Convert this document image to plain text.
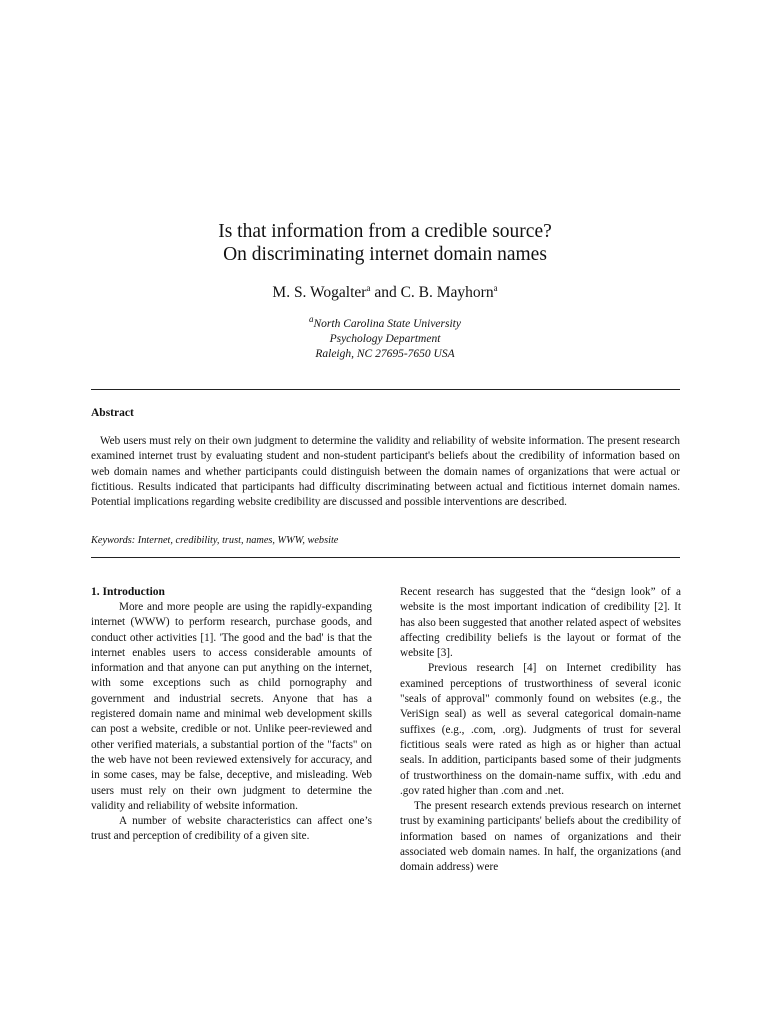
Is that information from a credible source?
On discriminating internet domain names
M. S. Wogalter$^a$ and C. B. Mayhorn$^a$
$^a$North Carolina State University
Psychology Department
Raleigh, NC 27695-7650 USA
Abstract

Web users must rely on their own judgment to determine the validity and reliability of website information. The present research examined internet trust by evaluating student and non-student participant's beliefs about the credibility of information based on web domain names and whether participants could distinguish between the domain names of organizations that were actual or fictitious. Results indicated that participants had difficulty discriminating between actual and fictitious internet domain names. Potential implications regarding website credibility are discussed and possible interventions are described.

Keywords: Internet, credibility, trust, names, WWW, website

1. Introduction

More and more people are using the rapidly-expanding internet (WWW) to perform research, purchase goods, and conduct other activities [1]. 'The good and the bad' is that the internet enables users to access considerable amounts of information and that anyone can put anything on the internet, with some exceptions such as child pornography and government and industrial secrets. Anyone that has a registered domain name and minimal web development skills can post a website, credible or not. Unlike peer-reviewed and other verified materials, a substantial portion of the "facts" on the web have not been reviewed extensively for accuracy, and in some cases, may be false, deceptive, and misleading. Web users must rely on their own judgment to determine the validity and reliability of website information.

A number of website characteristics can affect one’s trust and perception of credibility of a given site.

Recent research has suggested that the “design look” of a website is the most important indication of credibility [2]. It has also been suggested that another related aspect of websites affecting credibility beliefs is the layout or format of the website [3].

Previous research [4] on Internet credibility has examined perceptions of trustworthiness of several iconic "seals of approval" commonly found on websites (e.g., the VeriSign seal) as well as several categorical domain-name suffixes (e.g., .com, .org). Judgments of trust for several fictitious seals were rated as high as or higher than actual seals. In addition, participants based some of their judgments of trustworthiness on the domain-name suffix, with .edu and .gov rated higher than .com and .net.

The present research extends previous research on internet trust by examining participants' beliefs about the credibility of information based on names of organizations and their associated web domain names. In half, the organizations (and domain address) were
